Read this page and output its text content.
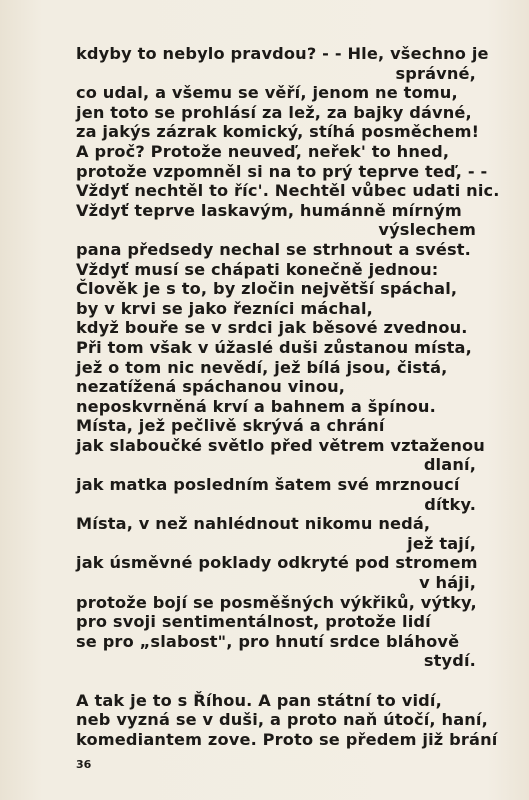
kdyby to nebylo pravdou? - - Hle, všechno je
správné,
co udal, a všemu se věří, jenom ne tomu,
jen toto se prohlásí za lež, za bajky dávné,
za jakýs zázrak komický, stíhá posměchem!
A proč? Protože neuveď, neřek' to hned,
protože vzpomněl si na to prý teprve teď, - -
Vždyť nechtěl to říc'. Nechtěl vůbec udati nic.
Vždyť teprve laskavým, humánně mírným
výslechem
pana předsedy nechal se strhnout a svést.
Vždyť musí se chápati konečně jednou:
Člověk je s to, by zločin největší spáchal,
by v krvi se jako řezníci máchal,
když bouře se v srdci jak běsové zvednou.
Při tom však v úžaslé duši zůstanou místa,
jež o tom nic nevědí, jež bílá jsou, čistá,
nezatížená spáchanou vinou,
neposkvrněná krví a bahnem a špínou.
Místa, jež pečlivě skrývá a chrání
jak slaboučké světlo před větrem vztaženou
dlaní,
jak matka posledním šatem své mrznoucí
dítky.
Místa, v než nahlédnout nikomu nedá,
jež tají,
jak úsměvné poklady odkryté pod stromem
v háji,
protože bojí se posměšných výkřiků, výtky,
pro svoji sentimentálnost, protože lidí
se pro „slabost", pro hnutí srdce bláhově
stydí.
A tak je to s Říhou. A pan státní to vidí,
neb vyzná se v duši, a proto naň útočí, haní,
komediantem zove. Proto se předem již brání
36
